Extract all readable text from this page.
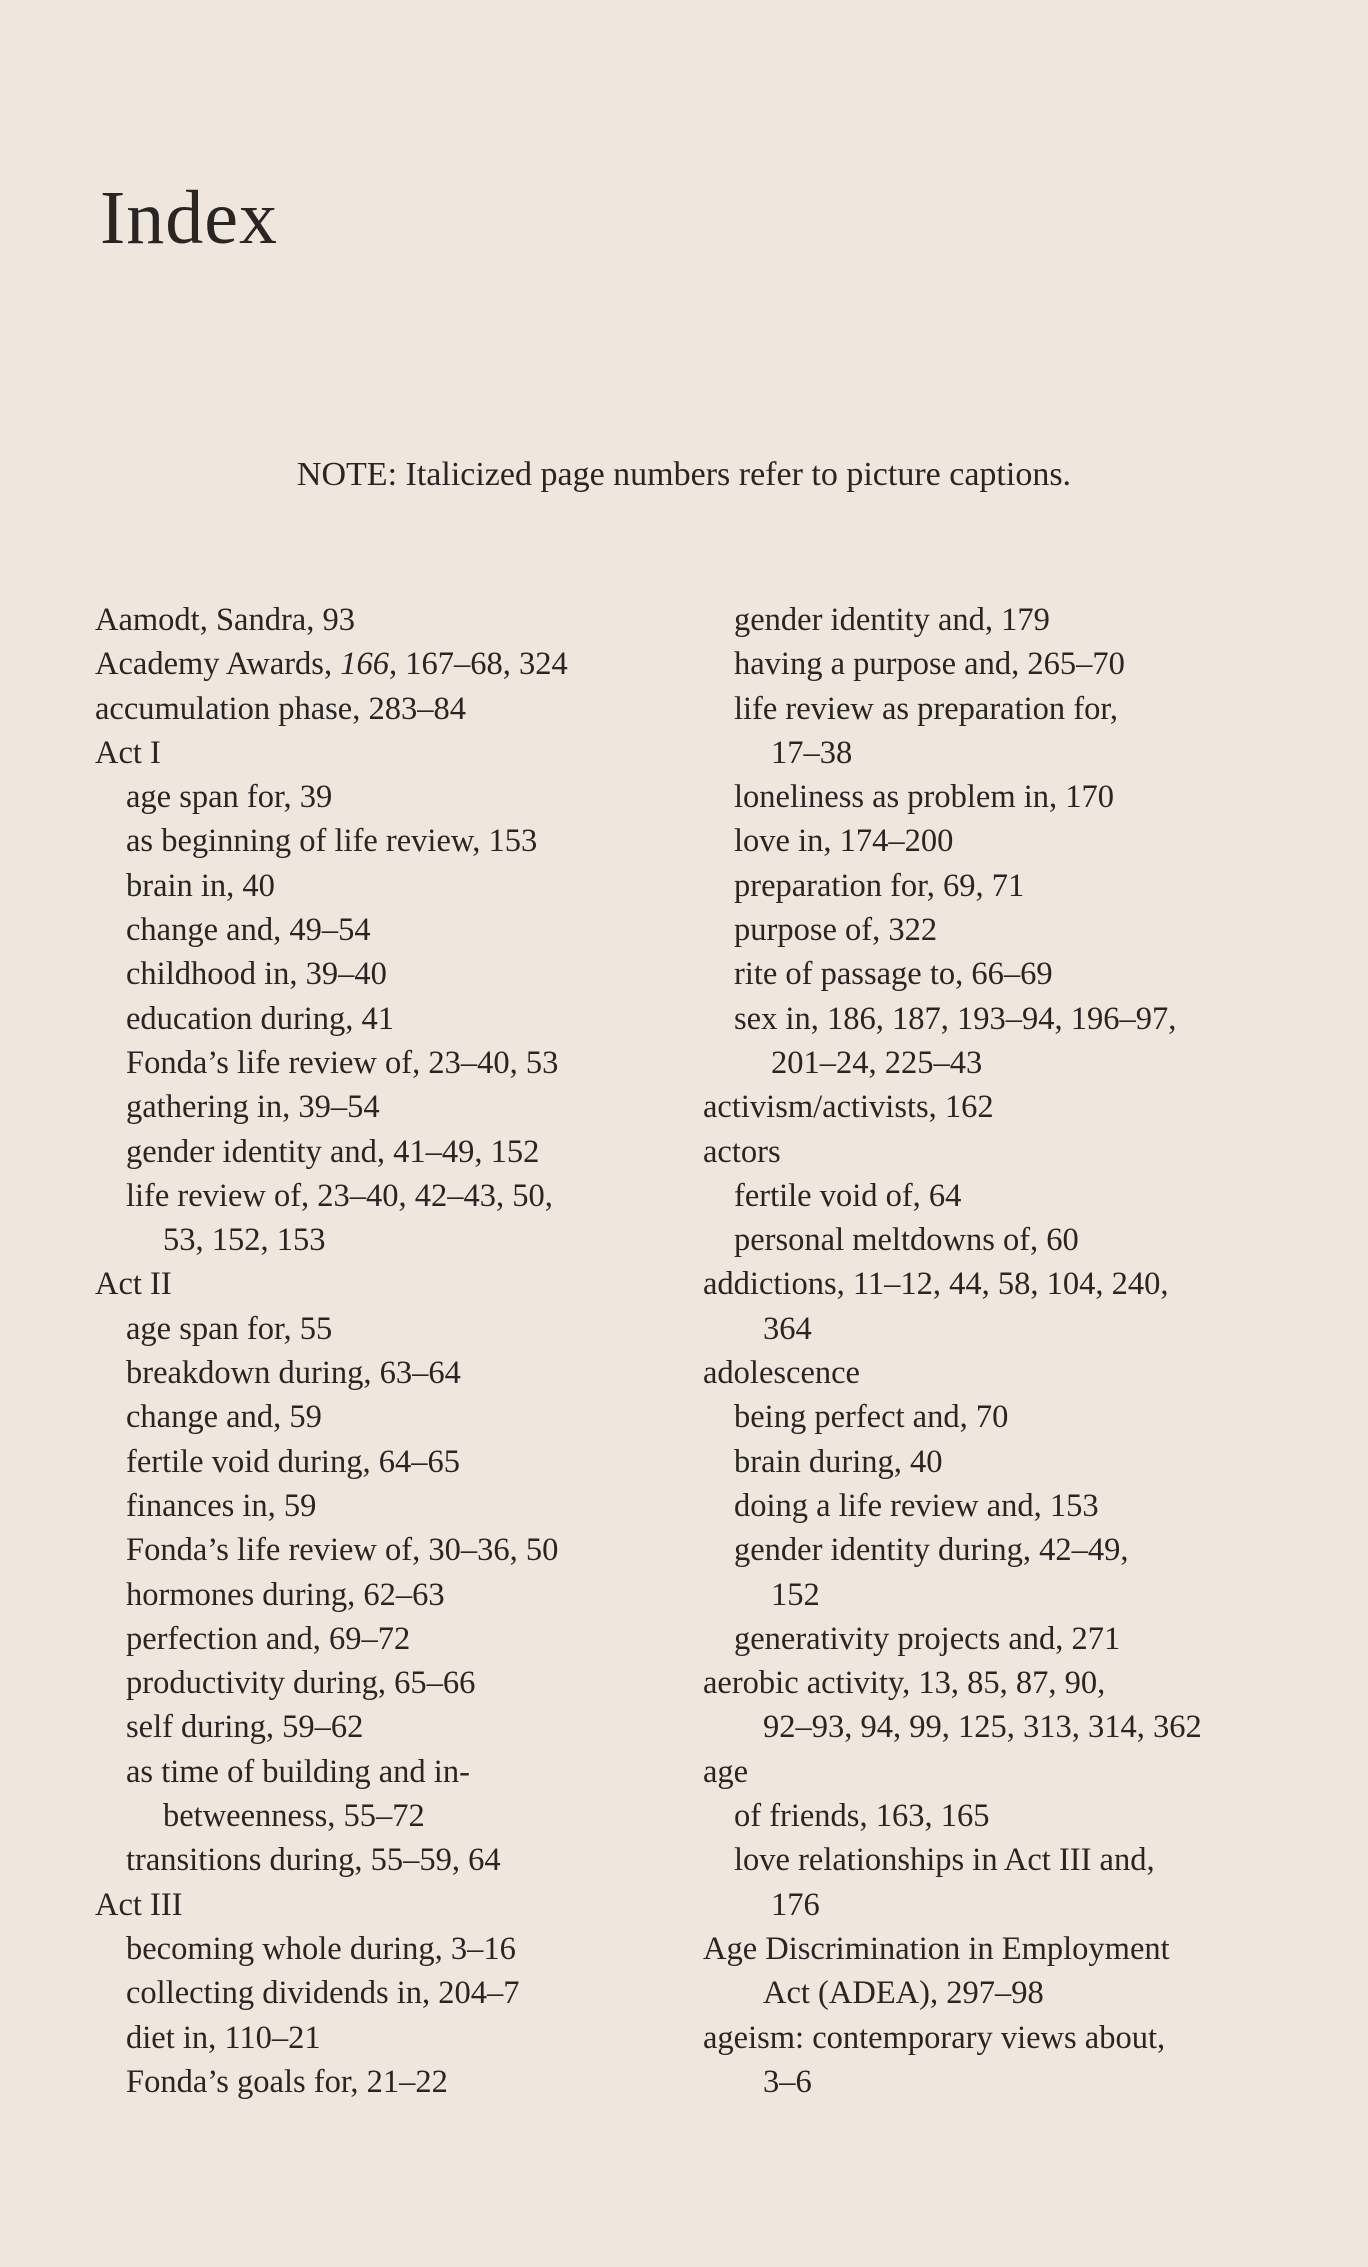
Index
NOTE: Italicized page numbers refer to picture captions.
Aamodt, Sandra, 93
Academy Awards, 166, 167–68, 324
accumulation phase, 283–84
Act I
age span for, 39
as beginning of life review, 153
brain in, 40
change and, 49–54
childhood in, 39–40
education during, 41
Fonda’s life review of, 23–40, 53
gathering in, 39–54
gender identity and, 41–49, 152
life review of, 23–40, 42–43, 50,
53, 152, 153
Act II
age span for, 55
breakdown during, 63–64
change and, 59
fertile void during, 64–65
finances in, 59
Fonda’s life review of, 30–36, 50
hormones during, 62–63
perfection and, 69–72
productivity during, 65–66
self during, 59–62
as time of building and in-
betweenness, 55–72
transitions during, 55–59, 64
Act III
becoming whole during, 3–16
collecting dividends in, 204–7
diet in, 110–21
Fonda’s goals for, 21–22
gender identity and, 179
having a purpose and, 265–70
life review as preparation for,
17–38
loneliness as problem in, 170
love in, 174–200
preparation for, 69, 71
purpose of, 322
rite of passage to, 66–69
sex in, 186, 187, 193–94, 196–97,
201–24, 225–43
activism/activists, 162
actors
fertile void of, 64
personal meltdowns of, 60
addictions, 11–12, 44, 58, 104, 240,
364
adolescence
being perfect and, 70
brain during, 40
doing a life review and, 153
gender identity during, 42–49,
152
generativity projects and, 271
aerobic activity, 13, 85, 87, 90,
92–93, 94, 99, 125, 313, 314, 362
age
of friends, 163, 165
love relationships in Act III and,
176
Age Discrimination in Employment
Act (ADEA), 297–98
ageism: contemporary views about,
3–6
